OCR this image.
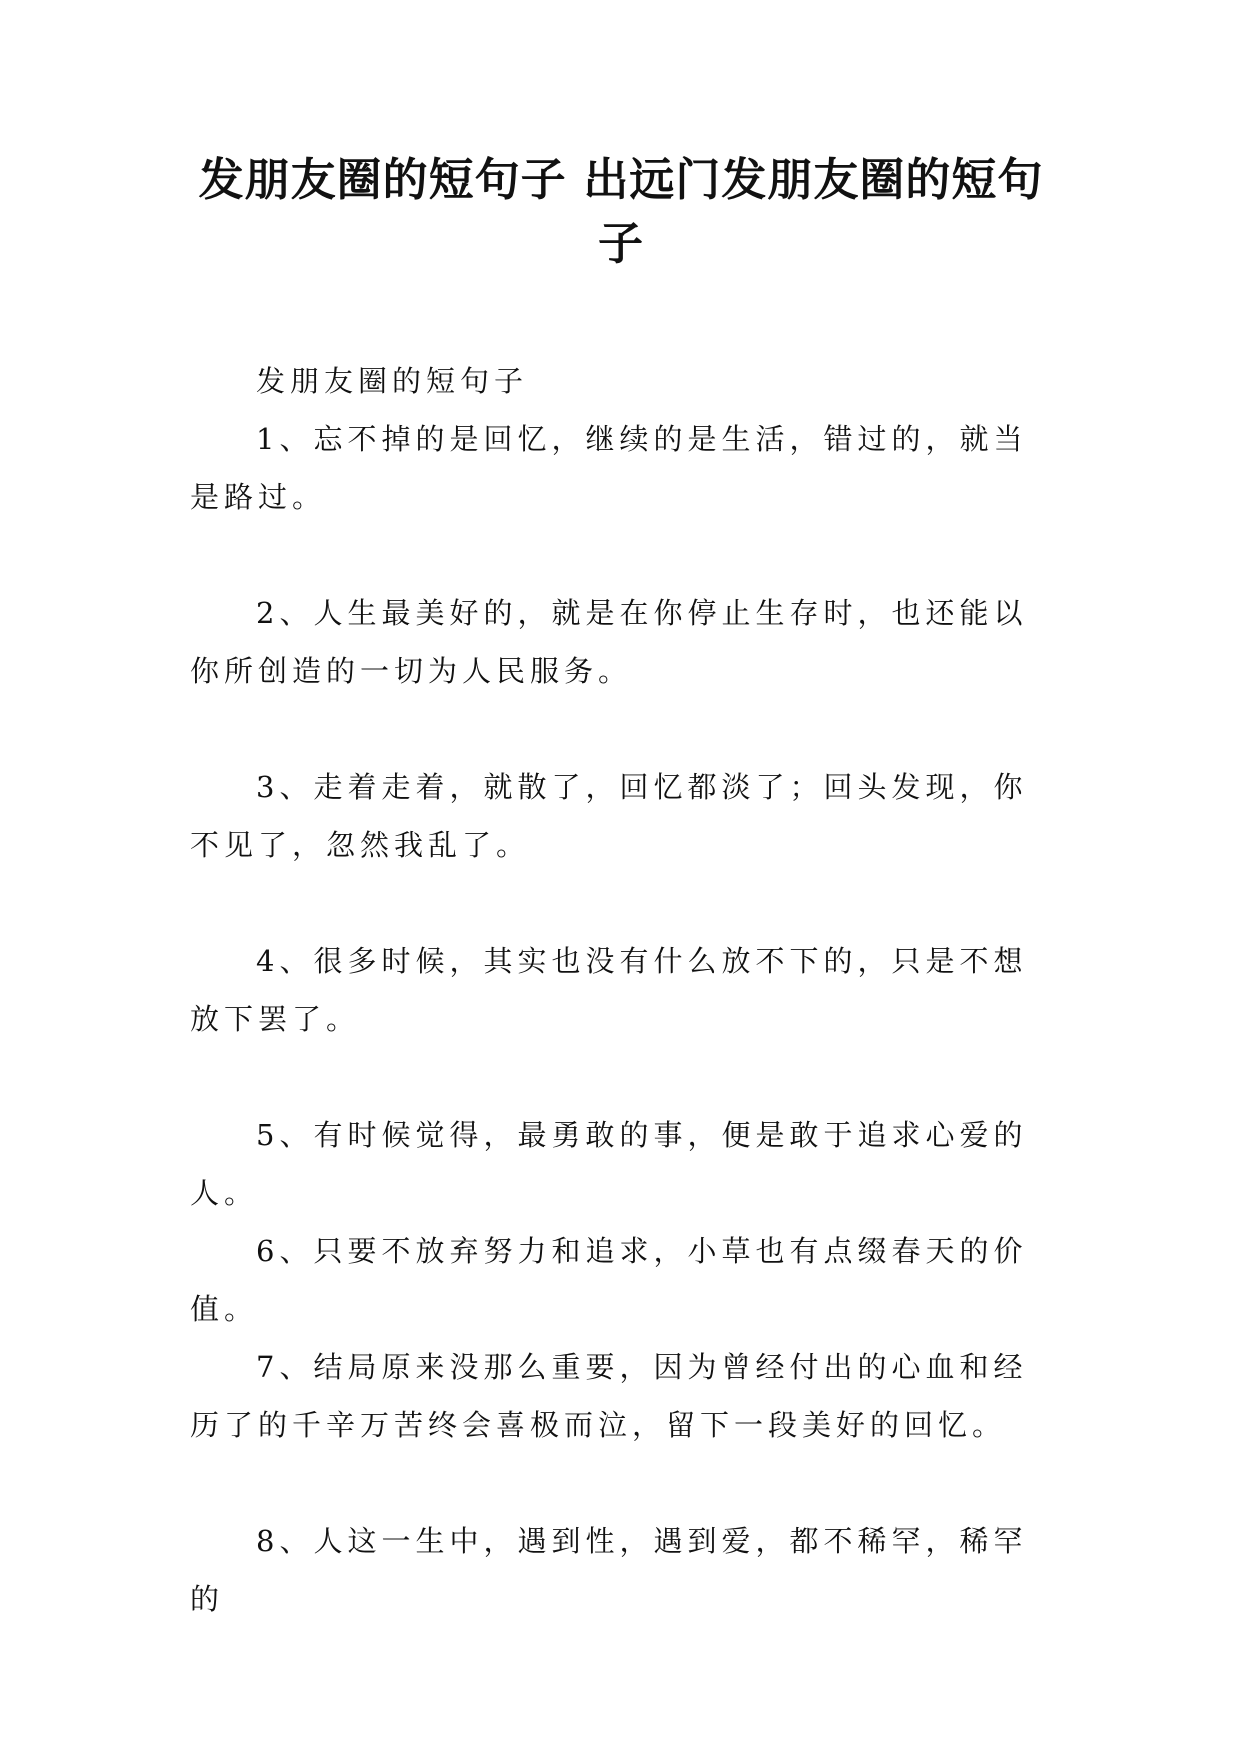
发朋友圈的短句子 出远门发朋友圈的短句子

发朋友圈的短句子

1、忘不掉的是回忆，继续的是生活，错过的，就当是路过。

2、人生最美好的，就是在你停止生存时，也还能以你所创造的一切为人民服务。

3、走着走着，就散了，回忆都淡了；回头发现，你不见了，忽然我乱了。

4、很多时候，其实也没有什么放不下的，只是不想放下罢了。

5、有时候觉得，最勇敢的事，便是敢于追求心爱的人。

6、只要不放弃努力和追求，小草也有点缀春天的价值。

7、结局原来没那么重要，因为曾经付出的心血和经历了的千辛万苦终会喜极而泣，留下一段美好的回忆。

8、人这一生中，遇到性，遇到爱，都不稀罕，稀罕的
